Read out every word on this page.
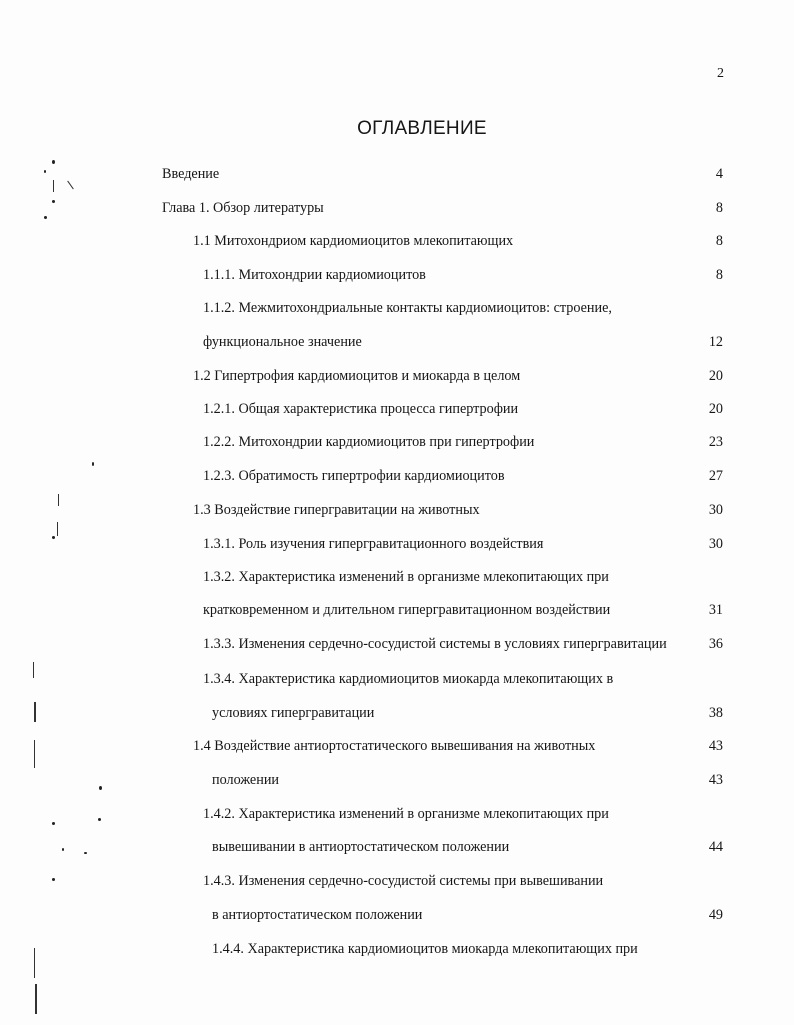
2
ОГЛАВЛЕНИЕ
Введение	4
Глава 1. Обзор литературы	8
1.1 Митохондриом кардиомиоцитов млекопитающих	8
1.1.1. Митохондрии кардиомиоцитов	8
1.1.2. Межмитохондриальные контакты кардиомиоцитов: строение,
функциональное значение	12
1.2 Гипертрофия кардиомиоцитов и миокарда в целом	20
1.2.1. Общая характеристика процесса гипертрофии	20
1.2.2. Митохондрии кардиомиоцитов при гипертрофии	23
1.2.3. Обратимость гипертрофии кардиомиоцитов	27
1.3 Воздействие гипергравитации на животных	30
1.3.1. Роль изучения гипергравитационного воздействия	30
1.3.2. Характеристика изменений в организме млекопитающих при
кратковременном и длительном гипергравитационном воздействии	31
1.3.3. Изменения сердечно-сосудистой системы в условиях гипергравитации	36
1.3.4. Характеристика кардиомиоцитов миокарда млекопитающих в
условиях гипергравитации	38
1.4 Воздействие антиортостатического вывешивания на животных	43
положении	43
1.4.2. Характеристика изменений в организме млекопитающих при
вывешивании в антиортостатическом положении	44
1.4.3. Изменения сердечно-сосудистой системы при вывешивании
в антиортостатическом положении	49
1.4.4. Характеристика кардиомиоцитов миокарда млекопитающих при
